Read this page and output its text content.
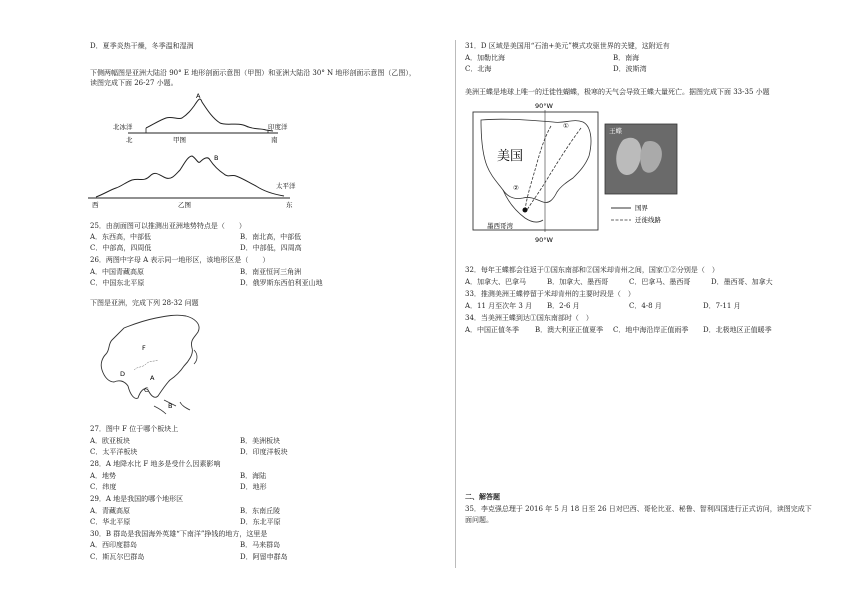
D．夏季炎热干燥，冬季温和湿润
下侧两幅图是亚洲大陆沿 90° E 地形剖面示意图（甲图）和亚洲大陆沿 30° N 地形剖面示意图（乙图），
读图完成下面 26-27 小题。
A
北冰洋	印度洋
北	南
甲图
B
太平洋
西	东
乙图
25．由剖面图可以推测出亚洲地势特点是（　　）
A．东西高，中部低	B．南北高，中部低
C．中部高，四周低	D．中部低，四周高
26．两图中字母 A 表示同一地形区，该地形区是（　　）
A．中国青藏高原	B．南亚恒河三角洲
C．中国东北平原	D．俄罗斯东西伯利亚山地
下图是亚洲，完成下列 28-32 问题
F
A
D
C
B
27．图中 F 位于哪个板块上
A．欧亚板块	B．美洲板块
C．太平洋板块	D．印度洋板块
28．A 地降水比 F 地多是受什么因素影响
A．地势	B．海陆
C．纬度	D．地形
29．A 地是我国的哪个地形区
A．青藏高原	B．东南丘陵
C．华北平原	D．东北平原
30．B 群岛是我国海外英雄“下南洋”挣钱的地方，这里是
A．西印度群岛	B．马来群岛
C．斯瓦尔巴群岛	D．阿留申群岛
31．D 区域是美国用“石油+美元”模式攻驱世界的关键，这附近有
A．加勒比海	B．南海
C．北海	D．波斯湾
美洲王蝶是地球上唯一的迁徙性蝴蝶，极寒的天气会导致王蝶大量死亡。据图完成下面 33-35 小题
90°W
美国
①
②
墨西哥湾
90°W
王蝶
国界
迁徙线路
32．每年王蝶都会往返于①国东南部和②国米却肯州之间，国家①②分别是（　）
A．加拿大、巴拿马	B．加拿大、墨西哥	C．巴拿马、墨西哥	D．墨西哥、加拿大
33．推测美洲王蝶停留于米却肯州的主要时段是（　）
A．11 月至次年 3 月 B．2-6 月	C．4-8 月	D．7-11 月
34．当美洲王蝶到达①国东南部时（　）
A．中国正值冬季 B．澳大利亚正值夏季 C．地中海沿岸正值雨季 D．北极地区正值暖季
二、解答题
35．李克强总理于 2016 年 5 月 18 日至 26 日对巴西、哥伦比亚、秘鲁、智利四国进行正式访问，读图完成下
面问题。
